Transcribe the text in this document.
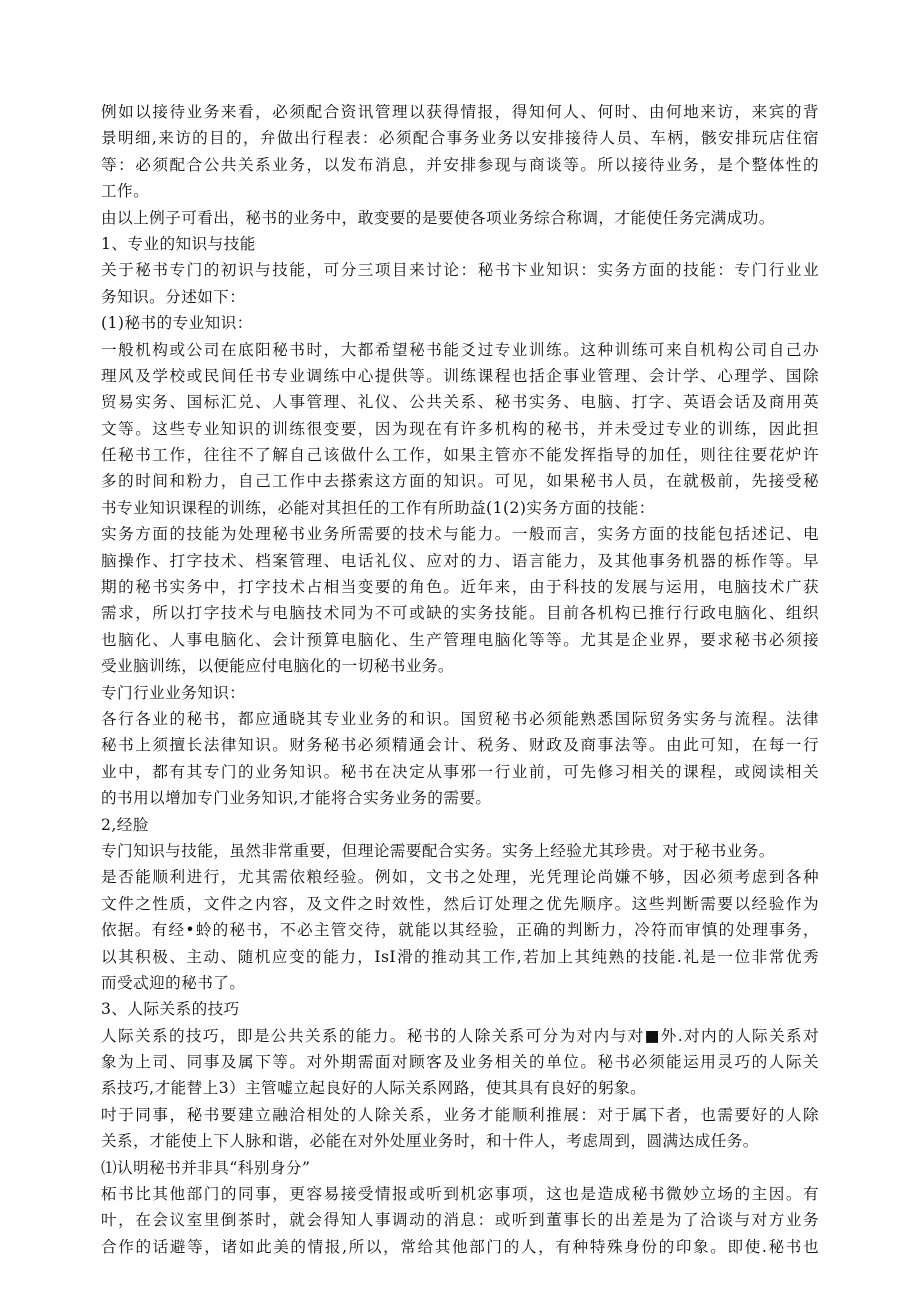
例如以接待业务来看，必须配合资讯管理以获得情报，得知何人、何时、由何地来访，来宾的背
景明细,来访的目的，弁做出行程表：必须配合事务业务以安排接待人员、车柄，骸安排玩店住宿
等：必须配合公共关系业务，以发布消息，并安排参现与商谈等。所以接待业务，是个整体性的
工作。
由以上例子可看出，秘书的业务中，敢变要的是要使各项业务综合称调，才能使任务完满成功。
1、专业的知识与技能
关于秘书专门的初识与技能，可分三项目来讨论：秘书卞业知识：实务方面的技能：专门行业业
务知识。分述如下：
(1)秘书的专业知识：
一般机构或公司在底阳秘书时，大都希望秘书能爻过专业训练。这种训练可来自机构公司自己办
理风及学校或民间任书专业调练中心提供等。训练课程也括企事业管理、会计学、心理学、国除
贸易实务、国标汇兑、人事管理、礼仪、公共关系、秘书实务、电脑、打字、英语会话及商用英
文等。这些专业知识的训练很变要，因为现在有许多机构的秘书，并未受过专业的训练，因此担
任秘书工作，往往不了解自己该做什么工作，如果主管亦不能发挥指导的加任，则往往要花炉许
多的时间和粉力，自己工作中去搽索这方面的知识。可见，如果秘书人员，在就极前，先接受秘
书专业知识课程的训练，必能对其担任的工作有所助益(1(2)实务方面的技能：
实务方面的技能为处理秘书业务所需要的技术与能力。一般而言，实务方面的技能包括述记、电
脑操作、打字技术、档案管理、电话礼仪、应对的力、语言能力，及其他事务机器的栎作等。早
期的秘书实务中，打字技术占相当变要的角色。近年来，由于科技的发展与运用，电脑技术广获
需求，所以打字技术与电脑技术同为不可或缺的实务技能。目前各机构已推行行政电脑化、组织
也脑化、人事电脑化、会计预算电脑化、生产管理电脑化等等。尤其是企业界，要求秘书必须接
受业脑训练，以便能应付电脑化的一切秘书业务。
专门行业业务知识：
各行各业的秘书，都应通晓其专业业务的和识。国贸秘书必须能熟悉国际贸务实务与流程。法律
秘书上须擅长法律知识。财务秘书必须精通会计、税务、财政及商事法等。由此可知，在每一行
业中，都有其专门的业务知识。秘书在决定从事邪一行业前，可先修习相关的课程，或阅读相关
的书用以增加专门业务知识,才能将合实务业务的需要。
2,经脸
专门知识与技能，虽然非常重要，但理论需要配合实务。实务上经验尤其珍贵。对于秘书业务。
是否能顺利进行，尤其需依粮经验。例如，文书之处理，光凭理论尚嫌不够，因必须考虑到各种
文件之性质，文件之内容，及文件之时效性，然后订处理之优先顺序。这些判断需要以经验作为
依据。有经•蛉的秘书，不必主管交待，就能以其经验，正确的判断力，冷符而审慎的处理事务，
以其积极、主动、随机应变的能力，IsI滑的推动其工作,若加上其纯熟的技能.礼是一位非常优秀
而受忒迎的秘书了。
3、人际关系的技巧
人际关系的技巧，即是公共关系的能力。秘书的人除关系可分为对内与对■外.对内的人际关系对
象为上司、同事及属下等。对外期需面对顾客及业务相关的单位。秘书必须能运用灵巧的人际关
系技巧,才能替上3）主管嘘立起良好的人际关系网路，使其具有良好的躬象。
吋于同事，秘书要建立融洽相处的人除关系，业务才能顺利推展：对于属下者，也需要好的人除
关系，才能使上下人脉和谐，必能在对外处厘业务时，和十件人，考虑周到，圆满达成任务。
⑴认明秘书并非具“科别身分”
柘书比其他部门的同事，更容易接受情报或听到机宓事项，这也是造成秘书微妙立场的主因。有
叶，在会议室里倒茶时，就会得知人事调动的消息：或听到董事长的出差是为了洽谈与对方业务
合作的话避等，诸如此美的情报,所以，常给其他部门的人，有种特殊身份的印象。即使.秘书也
